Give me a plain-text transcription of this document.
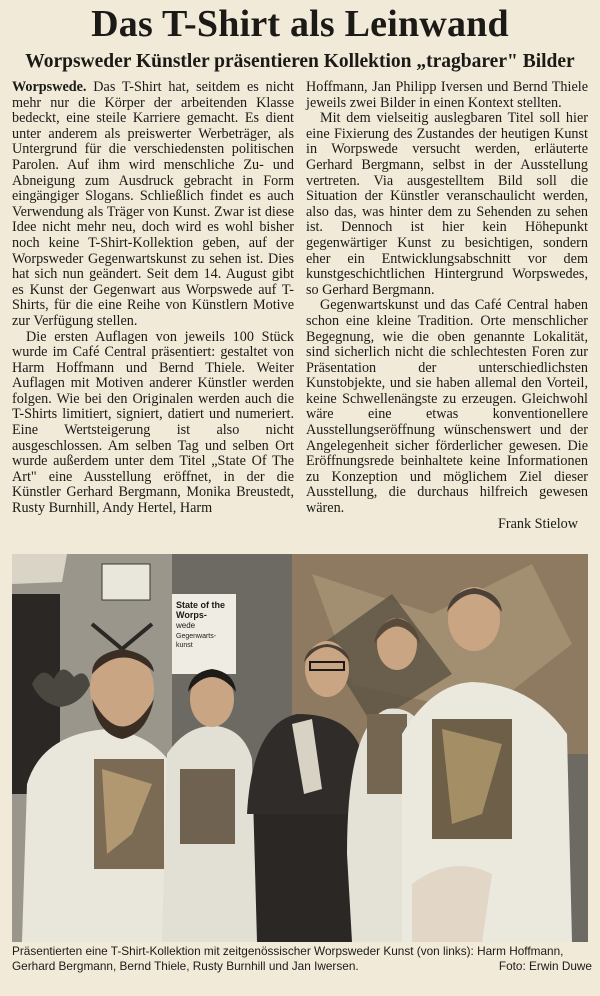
Das T-Shirt als Leinwand
Worpsweder Künstler präsentieren Kollektion „tragbarer" Bilder

Worpswede. Das T-Shirt hat, seitdem es nicht mehr nur die Körper der arbeitenden Klasse bedeckt, eine steile Karriere gemacht. Es dient unter anderem als preiswerter Werbeträger, als Untergrund für die verschiedensten politischen Parolen. Auf ihm wird menschliche Zu- und Abneigung zum Ausdruck gebracht in Form eingängiger Slogans. Schließlich findet es auch Verwendung als Träger von Kunst. Zwar ist diese Idee nicht mehr neu, doch wird es wohl bisher noch keine T-Shirt-Kollektion geben, auf der Worpsweder Gegenwartskunst zu sehen ist. Dies hat sich nun geändert. Seit dem 14. August gibt es Kunst der Gegenwart aus Worpswede auf T-Shirts, für die eine Reihe von Künstlern Motive zur Verfügung stellen.

Die ersten Auflagen von jeweils 100 Stück wurde im Café Central präsentiert: gestaltet von Harm Hoffmann und Bernd Thiele. Weiter Auflagen mit Motiven anderer Künstler werden folgen. Wie bei den Originalen werden auch die T-Shirts limitiert, signiert, datiert und numeriert. Eine Wertsteigerung ist also nicht ausgeschlossen. Am selben Tag und selben Ort wurde außerdem unter dem Titel „State Of The Art" eine Ausstellung eröffnet, in der die Künstler Gerhard Bergmann, Monika Breustedt, Rusty Burnhill, Andy Hertel, Harm

Hoffmann, Jan Philipp Iversen und Bernd Thiele jeweils zwei Bilder in einen Kontext stellten.

Mit dem vielseitig auslegbaren Titel soll hier eine Fixierung des Zustandes der heutigen Kunst in Worpswede versucht werden, erläuterte Gerhard Bergmann, selbst in der Ausstellung vertreten. Via ausgestelltem Bild soll die Situation der Künstler veranschaulicht werden, also das, was hinter dem zu Sehenden zu sehen ist. Dennoch ist hier kein Höhepunkt gegenwärtiger Kunst zu besichtigen, sondern eher ein Entwicklungsabschnitt vor dem kunstgeschichtlichen Hintergrund Worpswedes, so Gerhard Bergmann.

Gegenwartskunst und das Café Central haben schon eine kleine Tradition. Orte menschlicher Begegnung, wie die oben genannte Lokalität, sind sicherlich nicht die schlechtesten Foren zur Präsentation der unterschiedlichsten Kunstobjekte, und sie haben allemal den Vorteil, keine Schwellenängste zu erzeugen. Gleichwohl wäre eine etwas konventionellere Ausstellungseröffnung wünschenswert und der Angelegenheit sicher förderlicher gewesen. Die Eröffnungsrede beinhaltete keine Informationen zu Konzeption und möglichem Ziel dieser Ausstellung, die durchaus hilfreich gewesen wären.

Frank Stielow
State of the
Worps-
wede
Gegenwarts-
kunst
Präsentierten eine T-Shirt-Kollektion mit zeitgenössischer Worpsweder Kunst (von links): Harm Hoffmann, Gerhard Bergmann, Bernd Thiele, Rusty Burnhill und Jan Iwersen.	Foto: Erwin Duwe
